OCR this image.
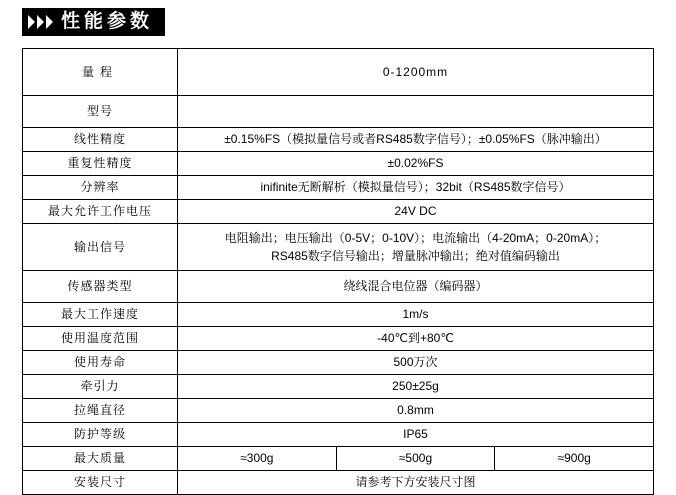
性能参数
量程	0-1200mm		
型号			
线性精度	±0.15%FS（模拟量信号或者RS485数字信号）；±0.05%FS（脉冲输出）		
重复性精度	±0.02%FS		
分辨率	inifinite无断解析（模拟量信号）；32bit（RS485数字信号）		
最大允许工作电压	24V DC		
输出信号	电阻输出；电压输出（0-5V；0-10V）；电流输出（4-20mA；0-20mA）；
RS485数字信号输出；增量脉冲输出；绝对值编码输出		

传感器类型	绕线混合电位器（编码器）		
最大工作速度	1m/s		
使用温度范围	-40℃到+80℃		
使用寿命	500万次		
牵引力	250±25g		
拉绳直径	0.8mm		
防护等级	IP65		
最大质量	≈300g	≈500g	≈900g
安装尺寸	请参考下方安装尺寸图		
